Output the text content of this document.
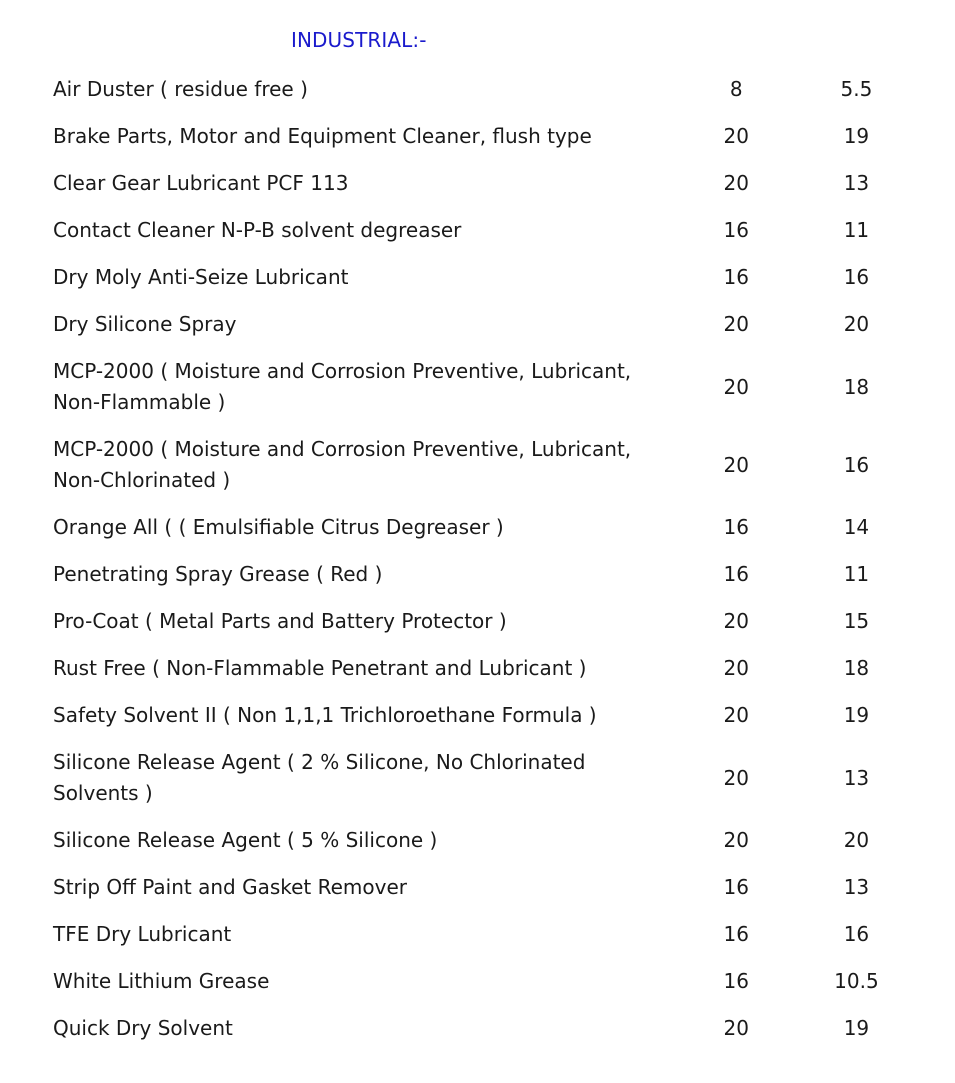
INDUSTRIAL:-
Air Duster ( residue free )	8	5.5
Brake Parts, Motor and Equipment Cleaner, flush type	20	19
Clear Gear Lubricant PCF 113	20	13
Contact Cleaner N-P-B solvent degreaser	16	11
Dry Moly Anti-Seize Lubricant	16	16
Dry Silicone Spray	20	20
MCP-2000 ( Moisture and Corrosion Preventive, Lubricant, Non-Flammable )	20	18
MCP-2000 ( Moisture and Corrosion Preventive, Lubricant, Non-Chlorinated )	20	16
Orange All ( ( Emulsifiable Citrus Degreaser )	16	14
Penetrating Spray Grease ( Red )	16	11
Pro-Coat ( Metal Parts and Battery Protector )	20	15
Rust Free ( Non-Flammable Penetrant and Lubricant )	20	18
Safety Solvent II ( Non 1,1,1 Trichloroethane Formula )	20	19
Silicone Release Agent ( 2 % Silicone, No Chlorinated Solvents )	20	13
Silicone Release Agent ( 5 % Silicone )	20	20
Strip Off Paint and Gasket Remover	16	13
TFE Dry Lubricant	16	16
White Lithium Grease	16	10.5
Quick Dry Solvent	20	19
